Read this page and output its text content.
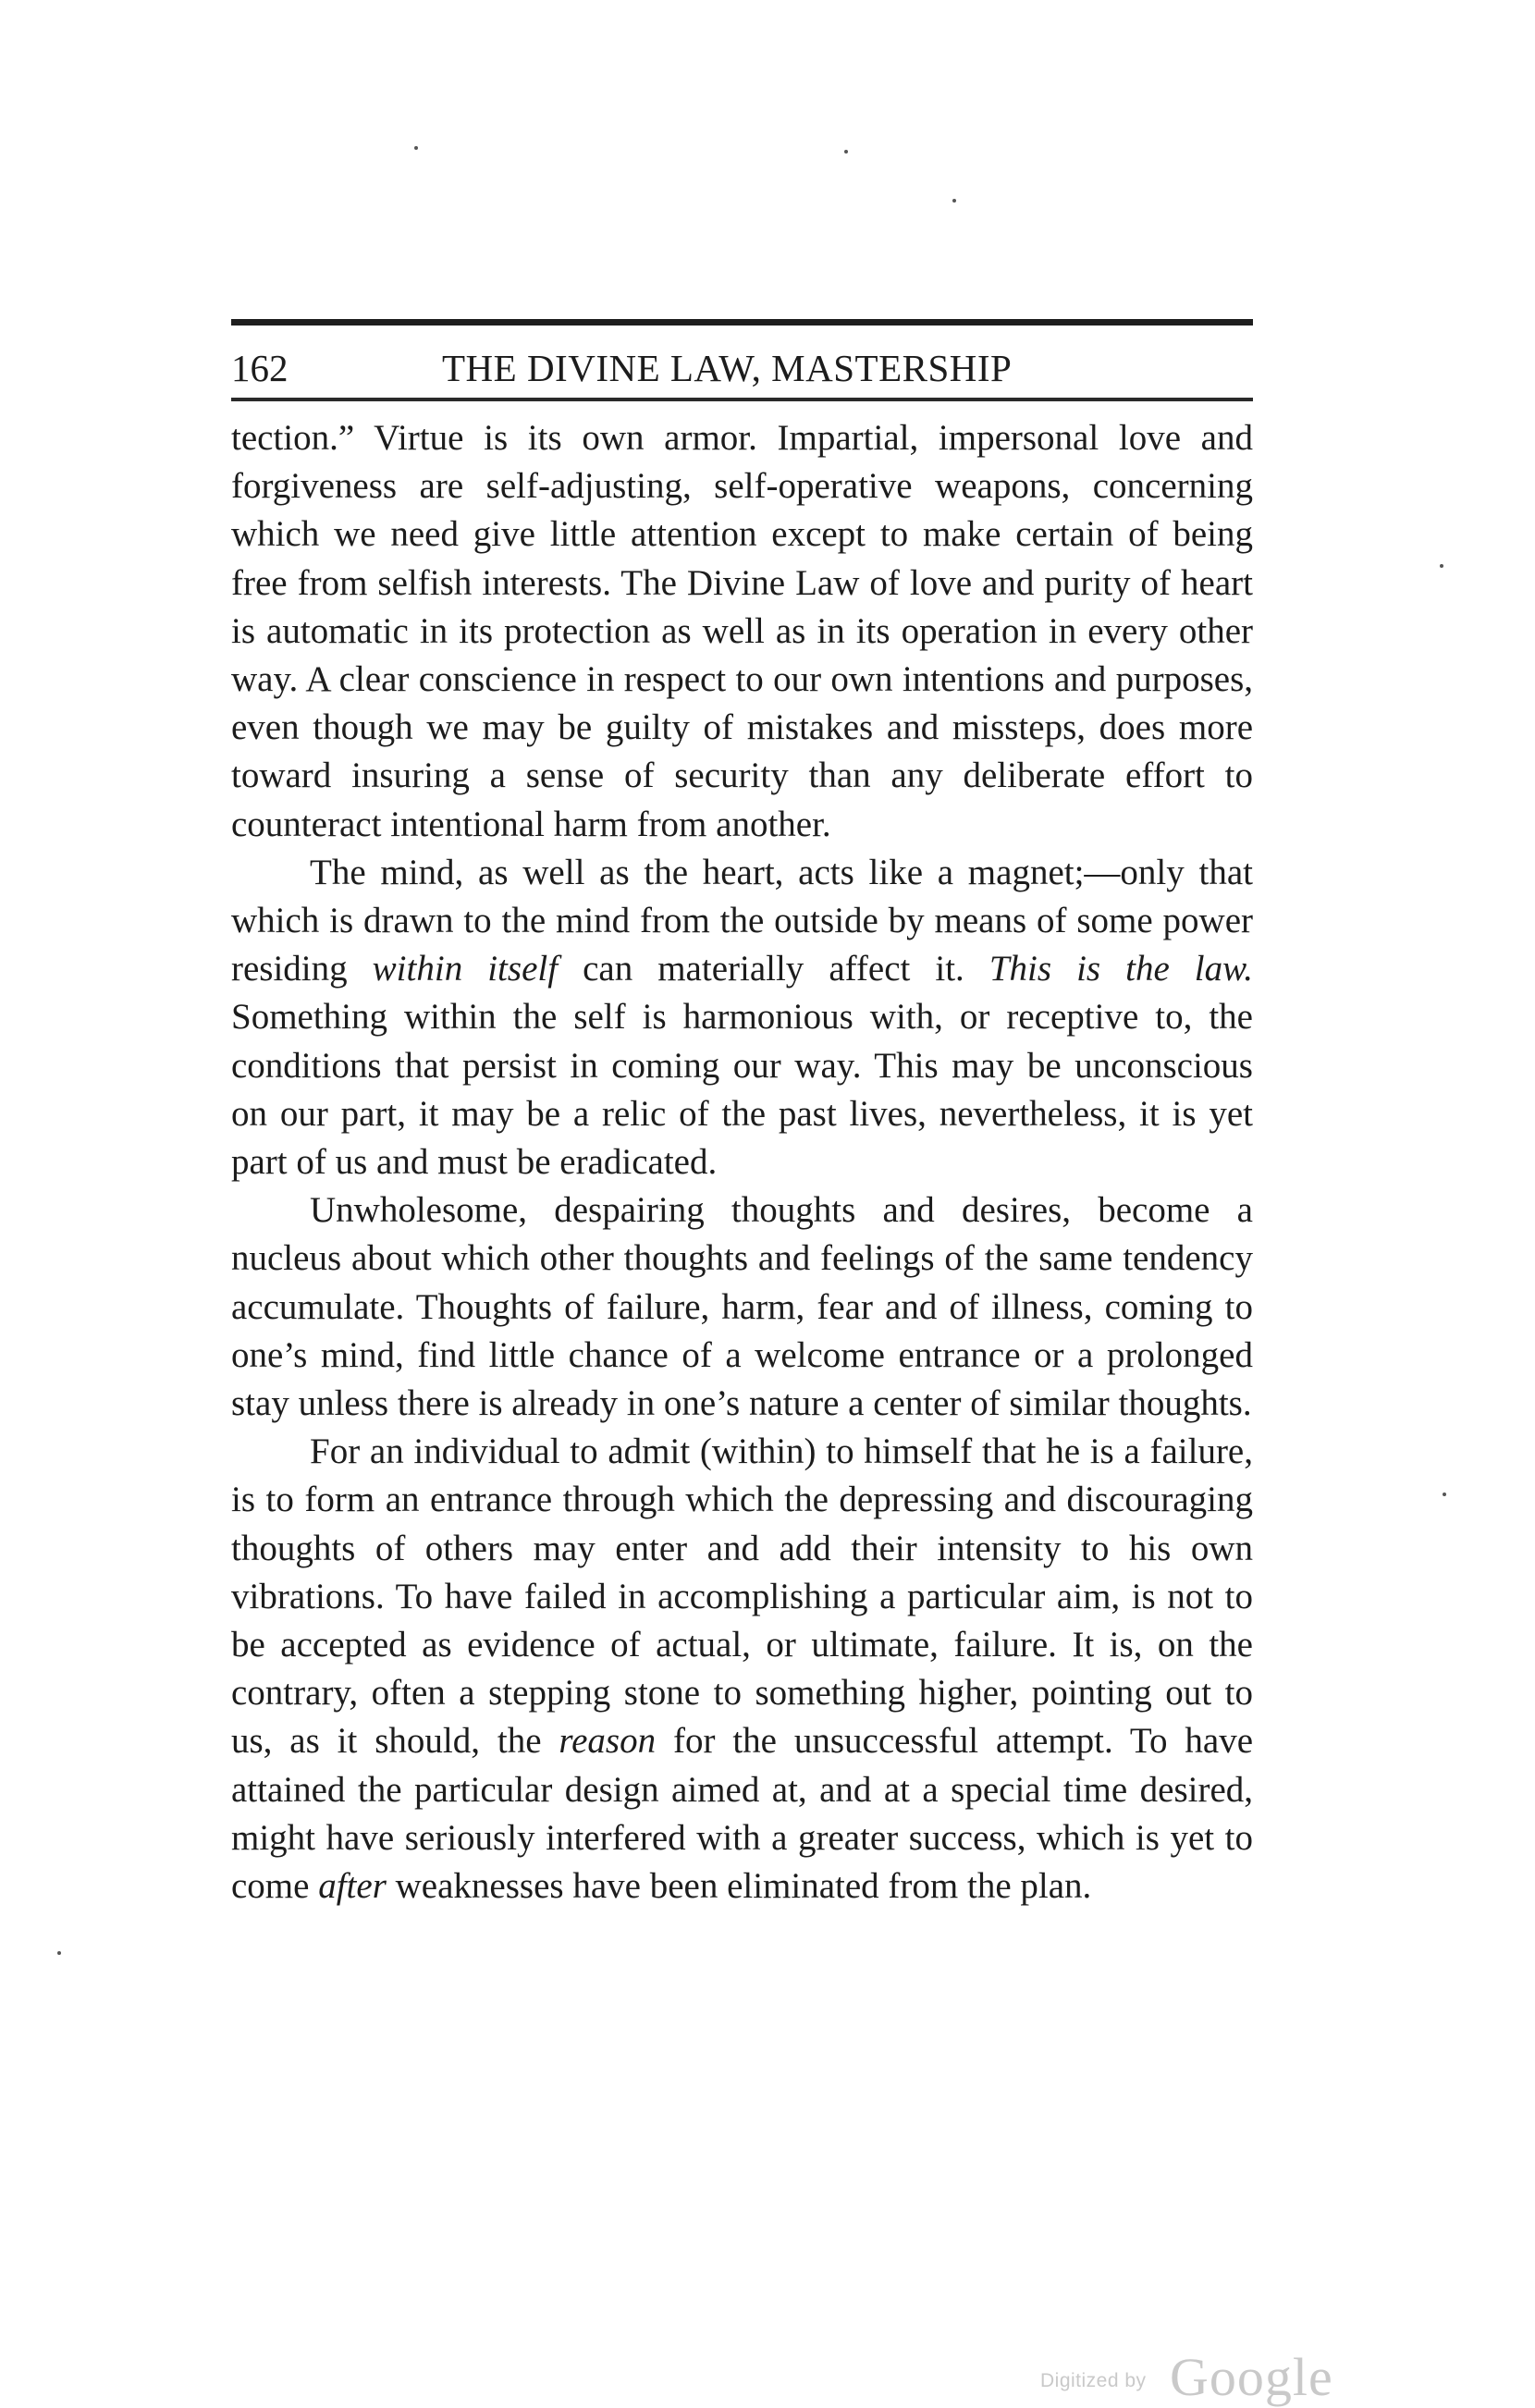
162	THE DIVINE LAW, MASTERSHIP

tection.” Virtue is its own armor. Impartial, impersonal love and forgiveness are self-adjusting, self-operative weapons, concerning which we need give little attention except to make certain of being free from selfish interests. The Divine Law of love and purity of heart is automatic in its protection as well as in its operation in every other way. A clear conscience in respect to our own intentions and purposes, even though we may be guilty of mistakes and missteps, does more toward insuring a sense of security than any deliberate effort to counteract intentional harm from another.

The mind, as well as the heart, acts like a magnet;—only that which is drawn to the mind from the outside by means of some power residing within itself can materially affect it. This is the law. Something within the self is harmonious with, or receptive to, the conditions that persist in coming our way. This may be unconscious on our part, it may be a relic of the past lives, nevertheless, it is yet part of us and must be eradicated.

Unwholesome, despairing thoughts and desires, become a nucleus about which other thoughts and feelings of the same tendency accumulate. Thoughts of failure, harm, fear and of illness, coming to one’s mind, find little chance of a welcome entrance or a prolonged stay unless there is already in one’s nature a center of similar thoughts.

For an individual to admit (within) to himself that he is a failure, is to form an entrance through which the depressing and discouraging thoughts of others may enter and add their intensity to his own vibrations. To have failed in accomplishing a particular aim, is not to be accepted as evidence of actual, or ultimate, failure. It is, on the contrary, often a stepping stone to something higher, pointing out to us, as it should, the reason for the unsuccessful attempt. To have attained the particular design aimed at, and at a special time desired, might have seriously interfered with a greater success, which is yet to come after weaknesses have been eliminated from the plan.

Digitized by Google
